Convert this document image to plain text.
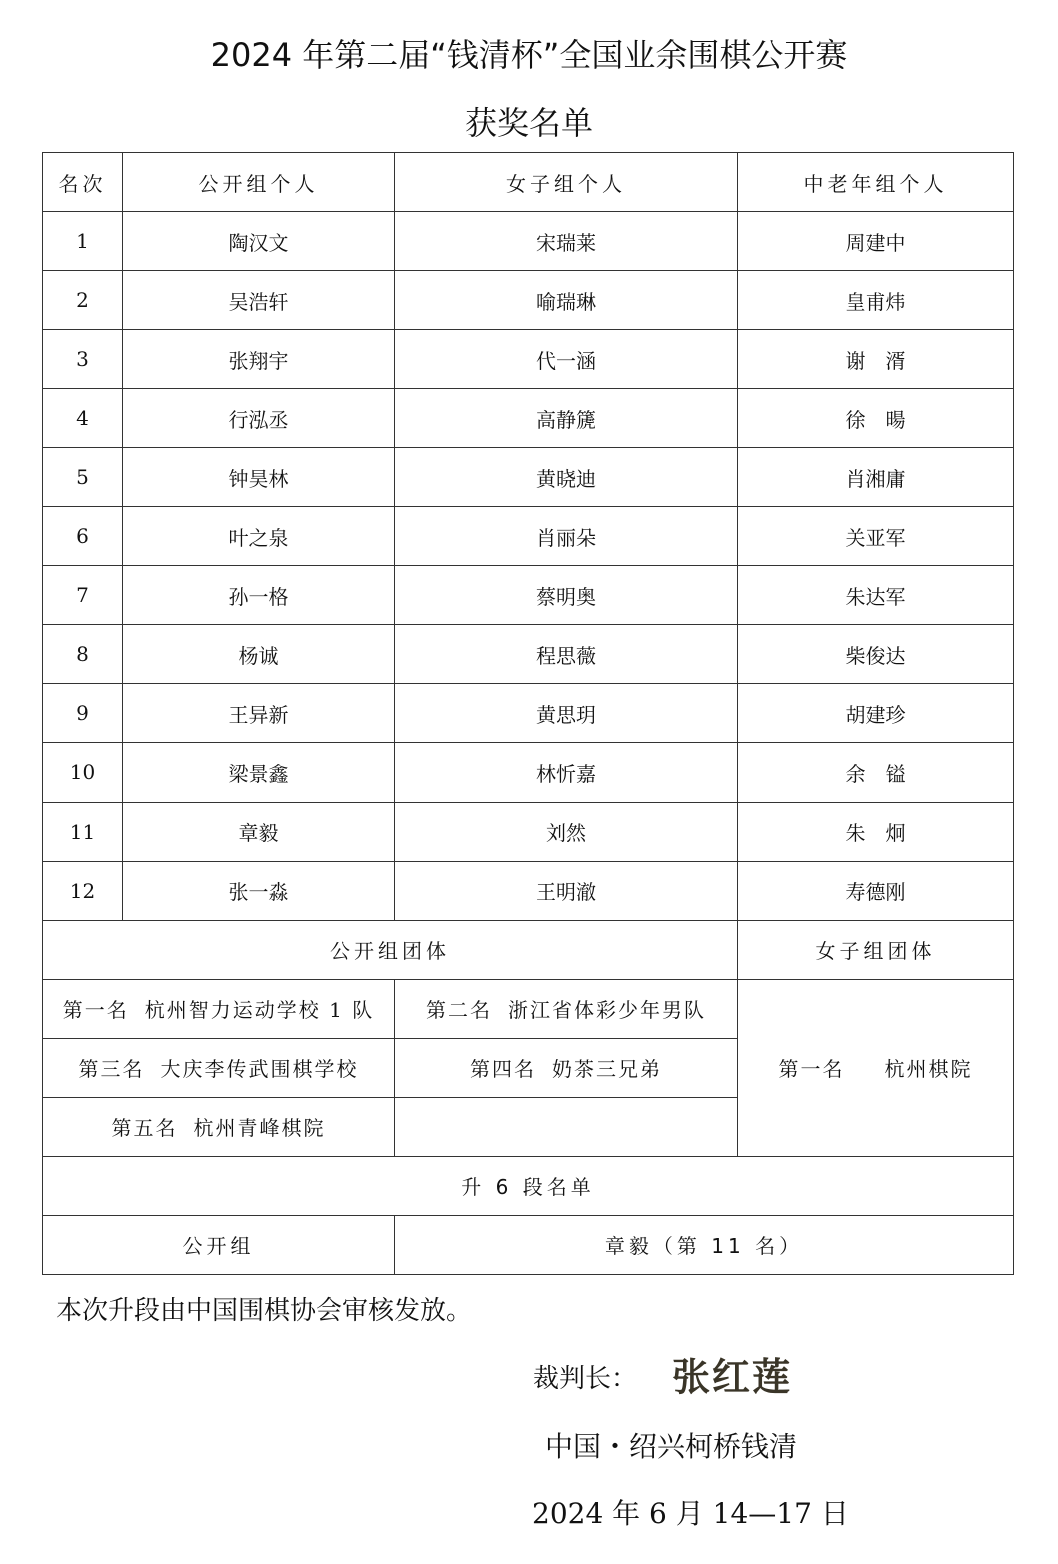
2024 年第二届“钱清杯”全国业余围棋公开赛
获奖名单
名次	公开组个人	女子组个人	中老年组个人
1	陶汉文	宋瑞莱	周建中
2	吴浩轩	喻瑞琳	皇甫炜
3	张翔宇	代一涵	谢　湑
4	行泓丞	高静篪	徐　暘
5	钟昊林	黄晓迪	肖湘庸
6	叶之泉	肖丽朵	关亚军
7	孙一格	蔡明奥	朱达军
8	杨诚	程思薇	柴俊达
9	王异新	黄思玥	胡建珍
10	梁景鑫	林忻嘉	余　镒
11	章毅	刘然	朱　炯
12	张一淼	王明澈	寿德刚
公开组团体			女子组团体
第一名 杭州智力运动学校 1 队		第二名 浙江省体彩少年男队	第一名 杭州棋院
第三名 大庆李传武围棋学校		第四名 奶茶三兄弟	
第五名 杭州青峰棋院			
升 6 段名单			
公开组		章毅（第 11 名）	
本次升段由中国围棋协会审核发放。
裁判长： 张红莲
中国・绍兴柯桥钱清
2024 年 6 月 14—17 日
